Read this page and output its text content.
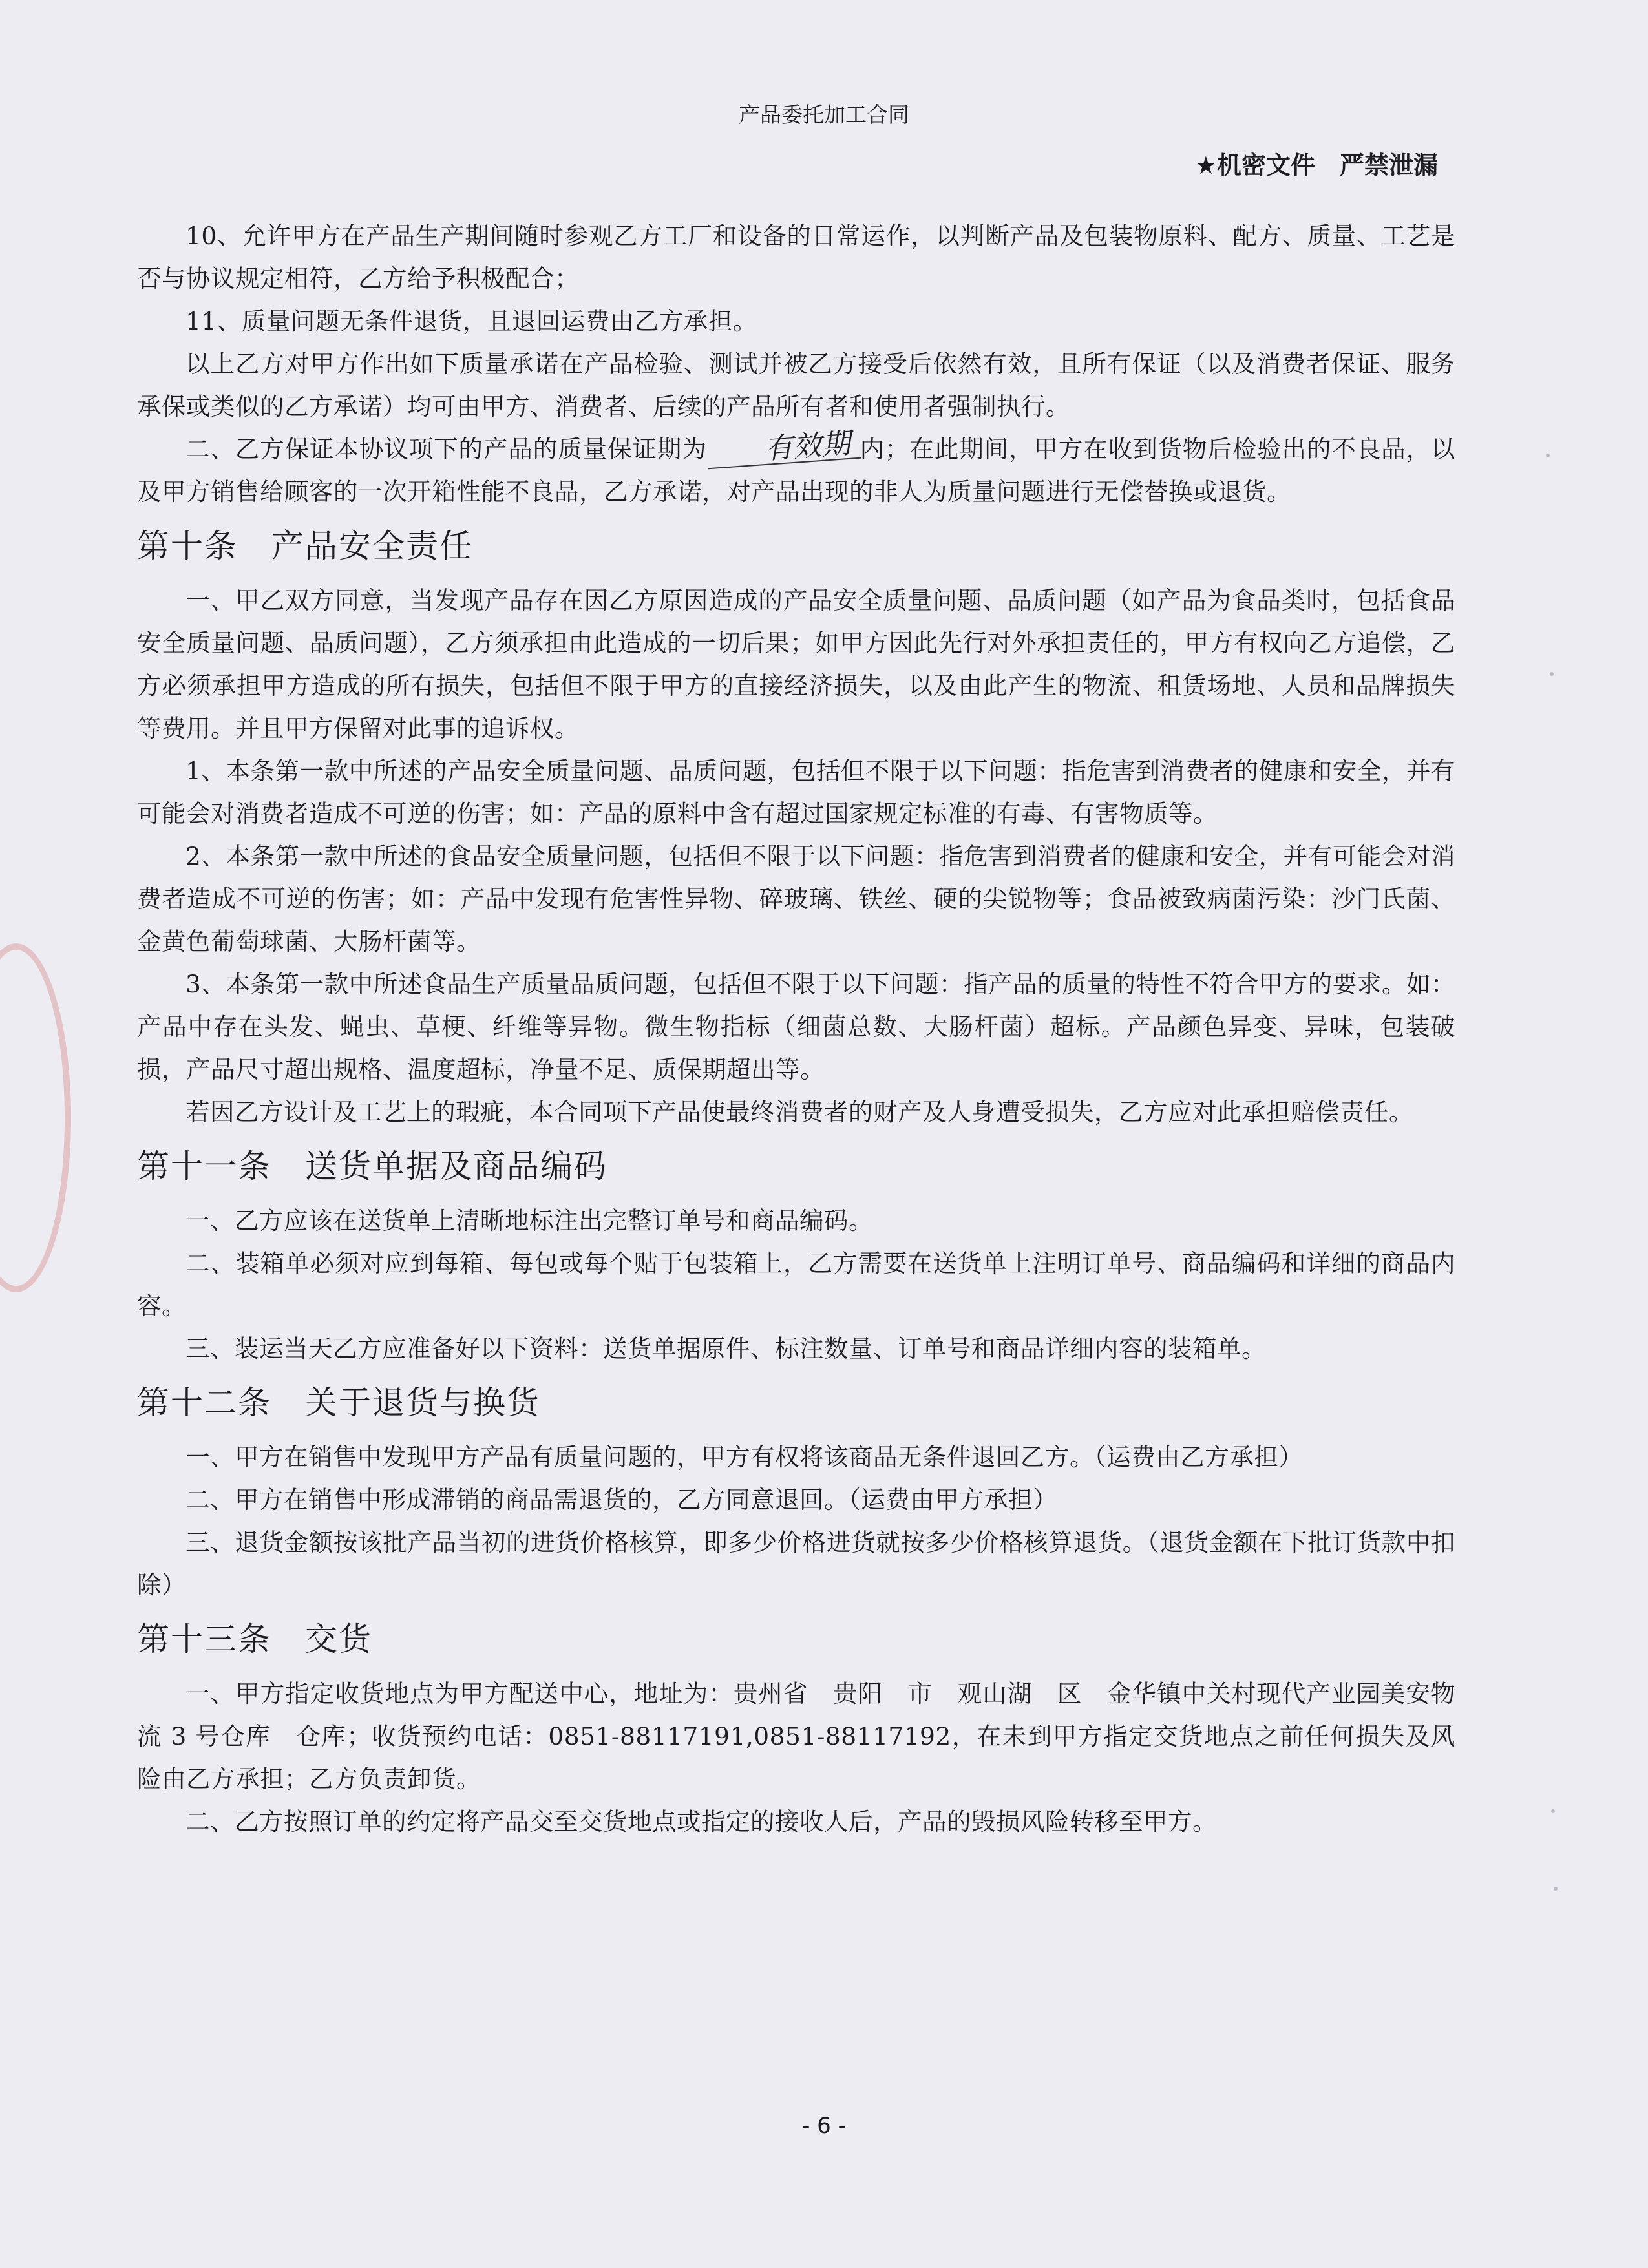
产品委托加工合同
★机密文件　严禁泄漏

10、允许甲方在产品生产期间随时参观乙方工厂和设备的日常运作，以判断产品及包装物原料、配方、质量、工艺是否与协议规定相符，乙方给予积极配合；

11、质量问题无条件退货，且退回运费由乙方承担。

以上乙方对甲方作出如下质量承诺在产品检验、测试并被乙方接受后依然有效，且所有保证（以及消费者保证、服务承保或类似的乙方承诺）均可由甲方、消费者、后续的产品所有者和使用者强制执行。

二、乙方保证本协议项下的产品的质量保证期为 有效期 内；在此期间，甲方在收到货物后检验出的不良品，以及甲方销售给顾客的一次开箱性能不良品，乙方承诺，对产品出现的非人为质量问题进行无偿替换或退货。

第十条　产品安全责任

一、甲乙双方同意，当发现产品存在因乙方原因造成的产品安全质量问题、品质问题（如产品为食品类时，包括食品安全质量问题、品质问题），乙方须承担由此造成的一切后果；如甲方因此先行对外承担责任的，甲方有权向乙方追偿，乙方必须承担甲方造成的所有损失，包括但不限于甲方的直接经济损失，以及由此产生的物流、租赁场地、人员和品牌损失等费用。并且甲方保留对此事的追诉权。

1、本条第一款中所述的产品安全质量问题、品质问题，包括但不限于以下问题：指危害到消费者的健康和安全，并有可能会对消费者造成不可逆的伤害；如：产品的原料中含有超过国家规定标准的有毒、有害物质等。

2、本条第一款中所述的食品安全质量问题，包括但不限于以下问题：指危害到消费者的健康和安全，并有可能会对消费者造成不可逆的伤害；如：产品中发现有危害性异物、碎玻璃、铁丝、硬的尖锐物等；食品被致病菌污染：沙门氏菌、金黄色葡萄球菌、大肠杆菌等。

3、本条第一款中所述食品生产质量品质问题，包括但不限于以下问题：指产品的质量的特性不符合甲方的要求。如：产品中存在头发、蝇虫、草梗、纤维等异物。微生物指标（细菌总数、大肠杆菌）超标。产品颜色异变、异味，包装破损，产品尺寸超出规格、温度超标，净量不足、质保期超出等。

若因乙方设计及工艺上的瑕疵，本合同项下产品使最终消费者的财产及人身遭受损失，乙方应对此承担赔偿责任。

第十一条　送货单据及商品编码

一、乙方应该在送货单上清晰地标注出完整订单号和商品编码。

二、装箱单必须对应到每箱、每包或每个贴于包装箱上，乙方需要在送货单上注明订单号、商品编码和详细的商品内容。

三、装运当天乙方应准备好以下资料：送货单据原件、标注数量、订单号和商品详细内容的装箱单。

第十二条　关于退货与换货

一、甲方在销售中发现甲方产品有质量问题的，甲方有权将该商品无条件退回乙方。（运费由乙方承担）

二、甲方在销售中形成滞销的商品需退货的，乙方同意退回。（运费由甲方承担）

三、退货金额按该批产品当初的进货价格核算，即多少价格进货就按多少价格核算退货。（退货金额在下批订货款中扣除）

第十三条　交货

一、甲方指定收货地点为甲方配送中心，地址为：贵州省　贵阳　市　观山湖　区　金华镇中关村现代产业园美安物流 3 号仓库　仓库；收货预约电话：0851-88117191,0851-88117192，在未到甲方指定交货地点之前任何损失及风险由乙方承担；乙方负责卸货。

二、乙方按照订单的约定将产品交至交货地点或指定的接收人后，产品的毁损风险转移至甲方。

- 6 -
